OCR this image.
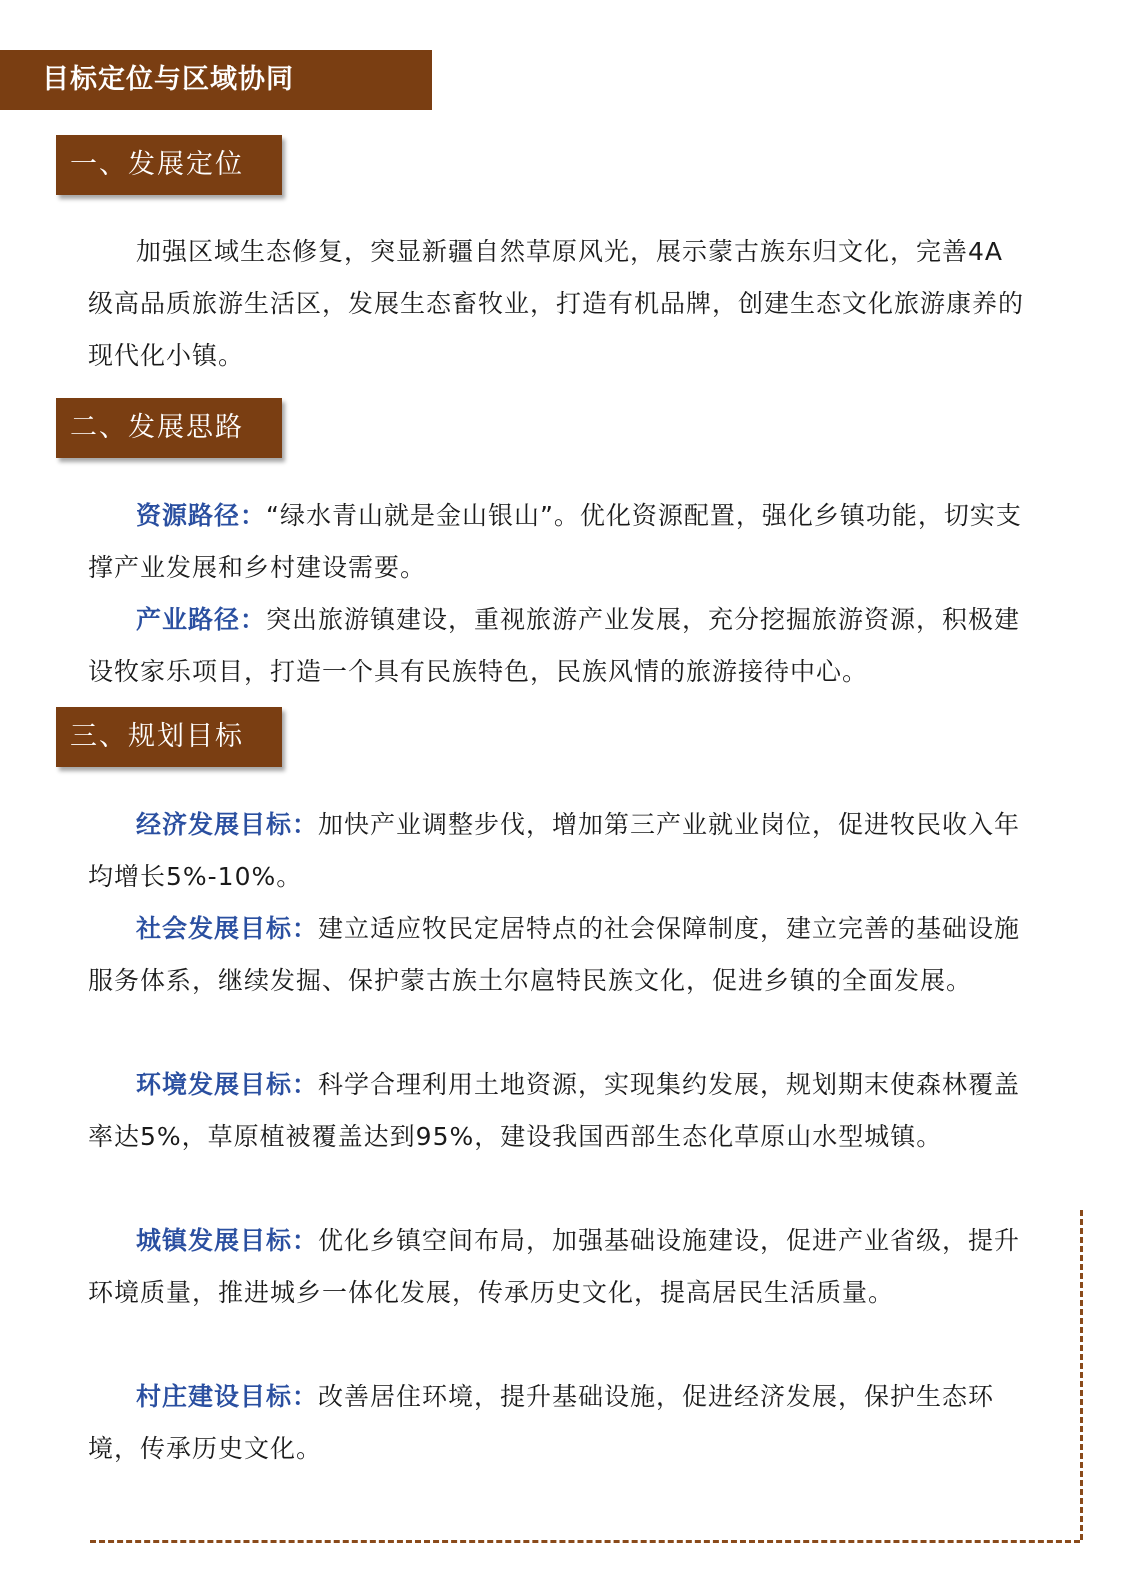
目标定位与区域协同
一、发展定位

加强区域生态修复，突显新疆自然草原风光，展示蒙古族东归文化，完善4A级高品质旅游生活区，发展生态畜牧业，打造有机品牌，创建生态文化旅游康养的现代化小镇。

二、发展思路

资源路径：“绿水青山就是金山银山”。优化资源配置，强化乡镇功能，切实支撑产业发展和乡村建设需要。

产业路径：突出旅游镇建设，重视旅游产业发展，充分挖掘旅游资源，积极建设牧家乐项目，打造一个具有民族特色，民族风情的旅游接待中心。

三、规划目标

经济发展目标：加快产业调整步伐，增加第三产业就业岗位，促进牧民收入年均增长5%-10%。

社会发展目标：建立适应牧民定居特点的社会保障制度，建立完善的基础设施服务体系，继续发掘、保护蒙古族土尔扈特民族文化，促进乡镇的全面发展。

环境发展目标：科学合理利用土地资源，实现集约发展，规划期末使森林覆盖率达5%，草原植被覆盖达到95%，建设我国西部生态化草原山水型城镇。

城镇发展目标：优化乡镇空间布局，加强基础设施建设，促进产业省级，提升环境质量，推进城乡一体化发展，传承历史文化，提高居民生活质量。

村庄建设目标：改善居住环境，提升基础设施，促进经济发展，保护生态环境，传承历史文化。
